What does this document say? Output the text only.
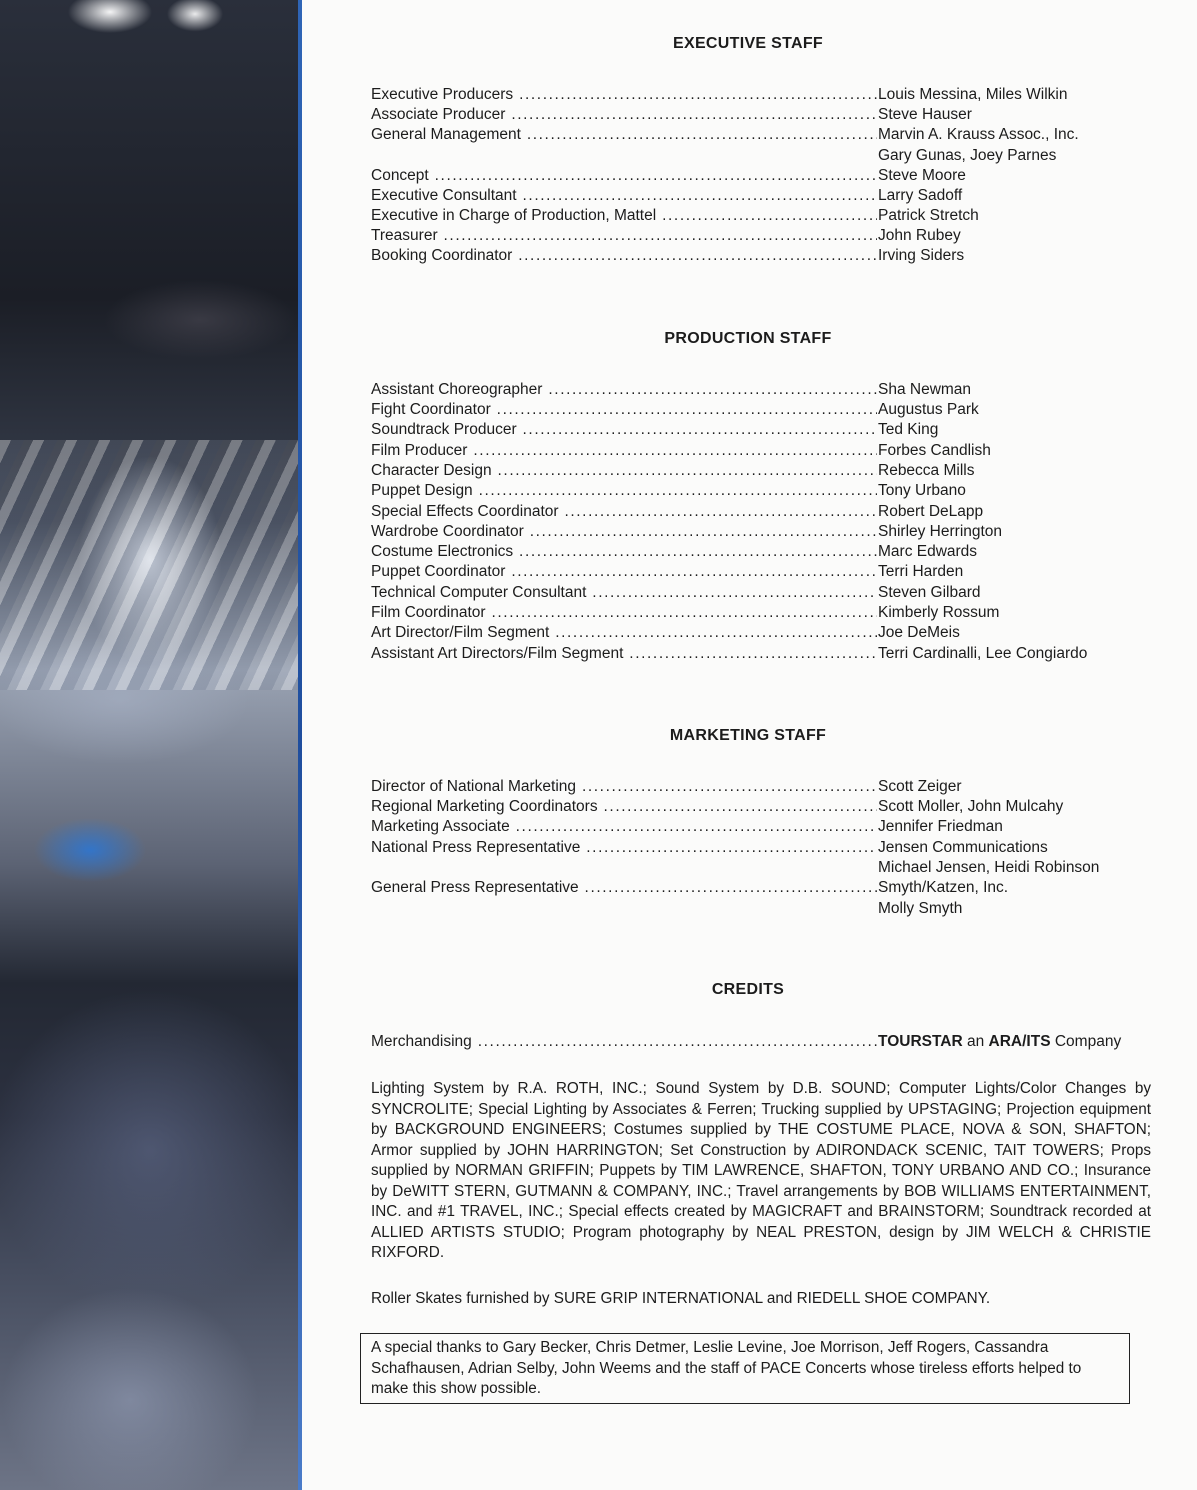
EXECUTIVE STAFF
Executive Producers .....	Louis Messina, Miles Wilkin
Associate Producer .....	Steve Hauser
General Management .....	Marvin A. Krauss Assoc., Inc.
Gary Gunas, Joey Parnes
Concept .....	Steve Moore
Executive Consultant .....	Larry Sadoff
Executive in Charge of Production, Mattel .....	Patrick Stretch
Treasurer .....	John Rubey
Booking Coordinator .....	Irving Siders
PRODUCTION STAFF
Assistant Choreographer .....	Sha Newman
Fight Coordinator .....	Augustus Park
Soundtrack Producer .....	Ted King
Film Producer .....	Forbes Candlish
Character Design .....	Rebecca Mills
Puppet Design .....	Tony Urbano
Special Effects Coordinator .....	Robert DeLapp
Wardrobe Coordinator .....	Shirley Herrington
Costume Electronics .....	Marc Edwards
Puppet Coordinator .....	Terri Harden
Technical Computer Consultant .....	Steven Gilbard
Film Coordinator .....	Kimberly Rossum
Art Director/Film Segment .....	Joe DeMeis
Assistant Art Directors/Film Segment .....	Terri Cardinalli, Lee Congiardo
MARKETING STAFF
Director of National Marketing .....	Scott Zeiger
Regional Marketing Coordinators .....	Scott Moller, John Mulcahy
Marketing Associate .....	Jennifer Friedman
National Press Representative .....	Jensen Communications
Michael Jensen, Heidi Robinson
General Press Representative .....	Smyth/Katzen, Inc.
Molly Smyth
CREDITS
Merchandising .....	TOURSTAR an ARA/ITS Company
Lighting System by R.A. ROTH, INC.; Sound System by D.B. SOUND; Computer Lights/Color Changes by SYNCROLITE; Special Lighting by Associates & Ferren; Trucking supplied by UPSTAGING; Projection equipment by BACKGROUND ENGINEERS; Costumes supplied by THE COSTUME PLACE, NOVA & SON, SHAFTON; Armor supplied by JOHN HARRINGTON; Set Construction by ADIRONDACK SCENIC, TAIT TOWERS; Props supplied by NORMAN GRIFFIN; Puppets by TIM LAWRENCE, SHAFTON, TONY URBANO AND CO.; Insurance by DeWITT STERN, GUTMANN & COMPANY, INC.; Travel arrangements by BOB WILLIAMS ENTERTAINMENT, INC. and #1 TRAVEL, INC.; Special effects created by MAGICRAFT and BRAINSTORM; Soundtrack recorded at ALLIED ARTISTS STUDIO; Program photography by NEAL PRESTON, design by JIM WELCH & CHRISTIE RIXFORD.
Roller Skates furnished by SURE GRIP INTERNATIONAL and RIEDELL SHOE COMPANY.
A special thanks to Gary Becker, Chris Detmer, Leslie Levine, Joe Morrison, Jeff Rogers, Cassandra Schafhausen, Adrian Selby, John Weems and the staff of PACE Concerts whose tireless efforts helped to make this show possible.
